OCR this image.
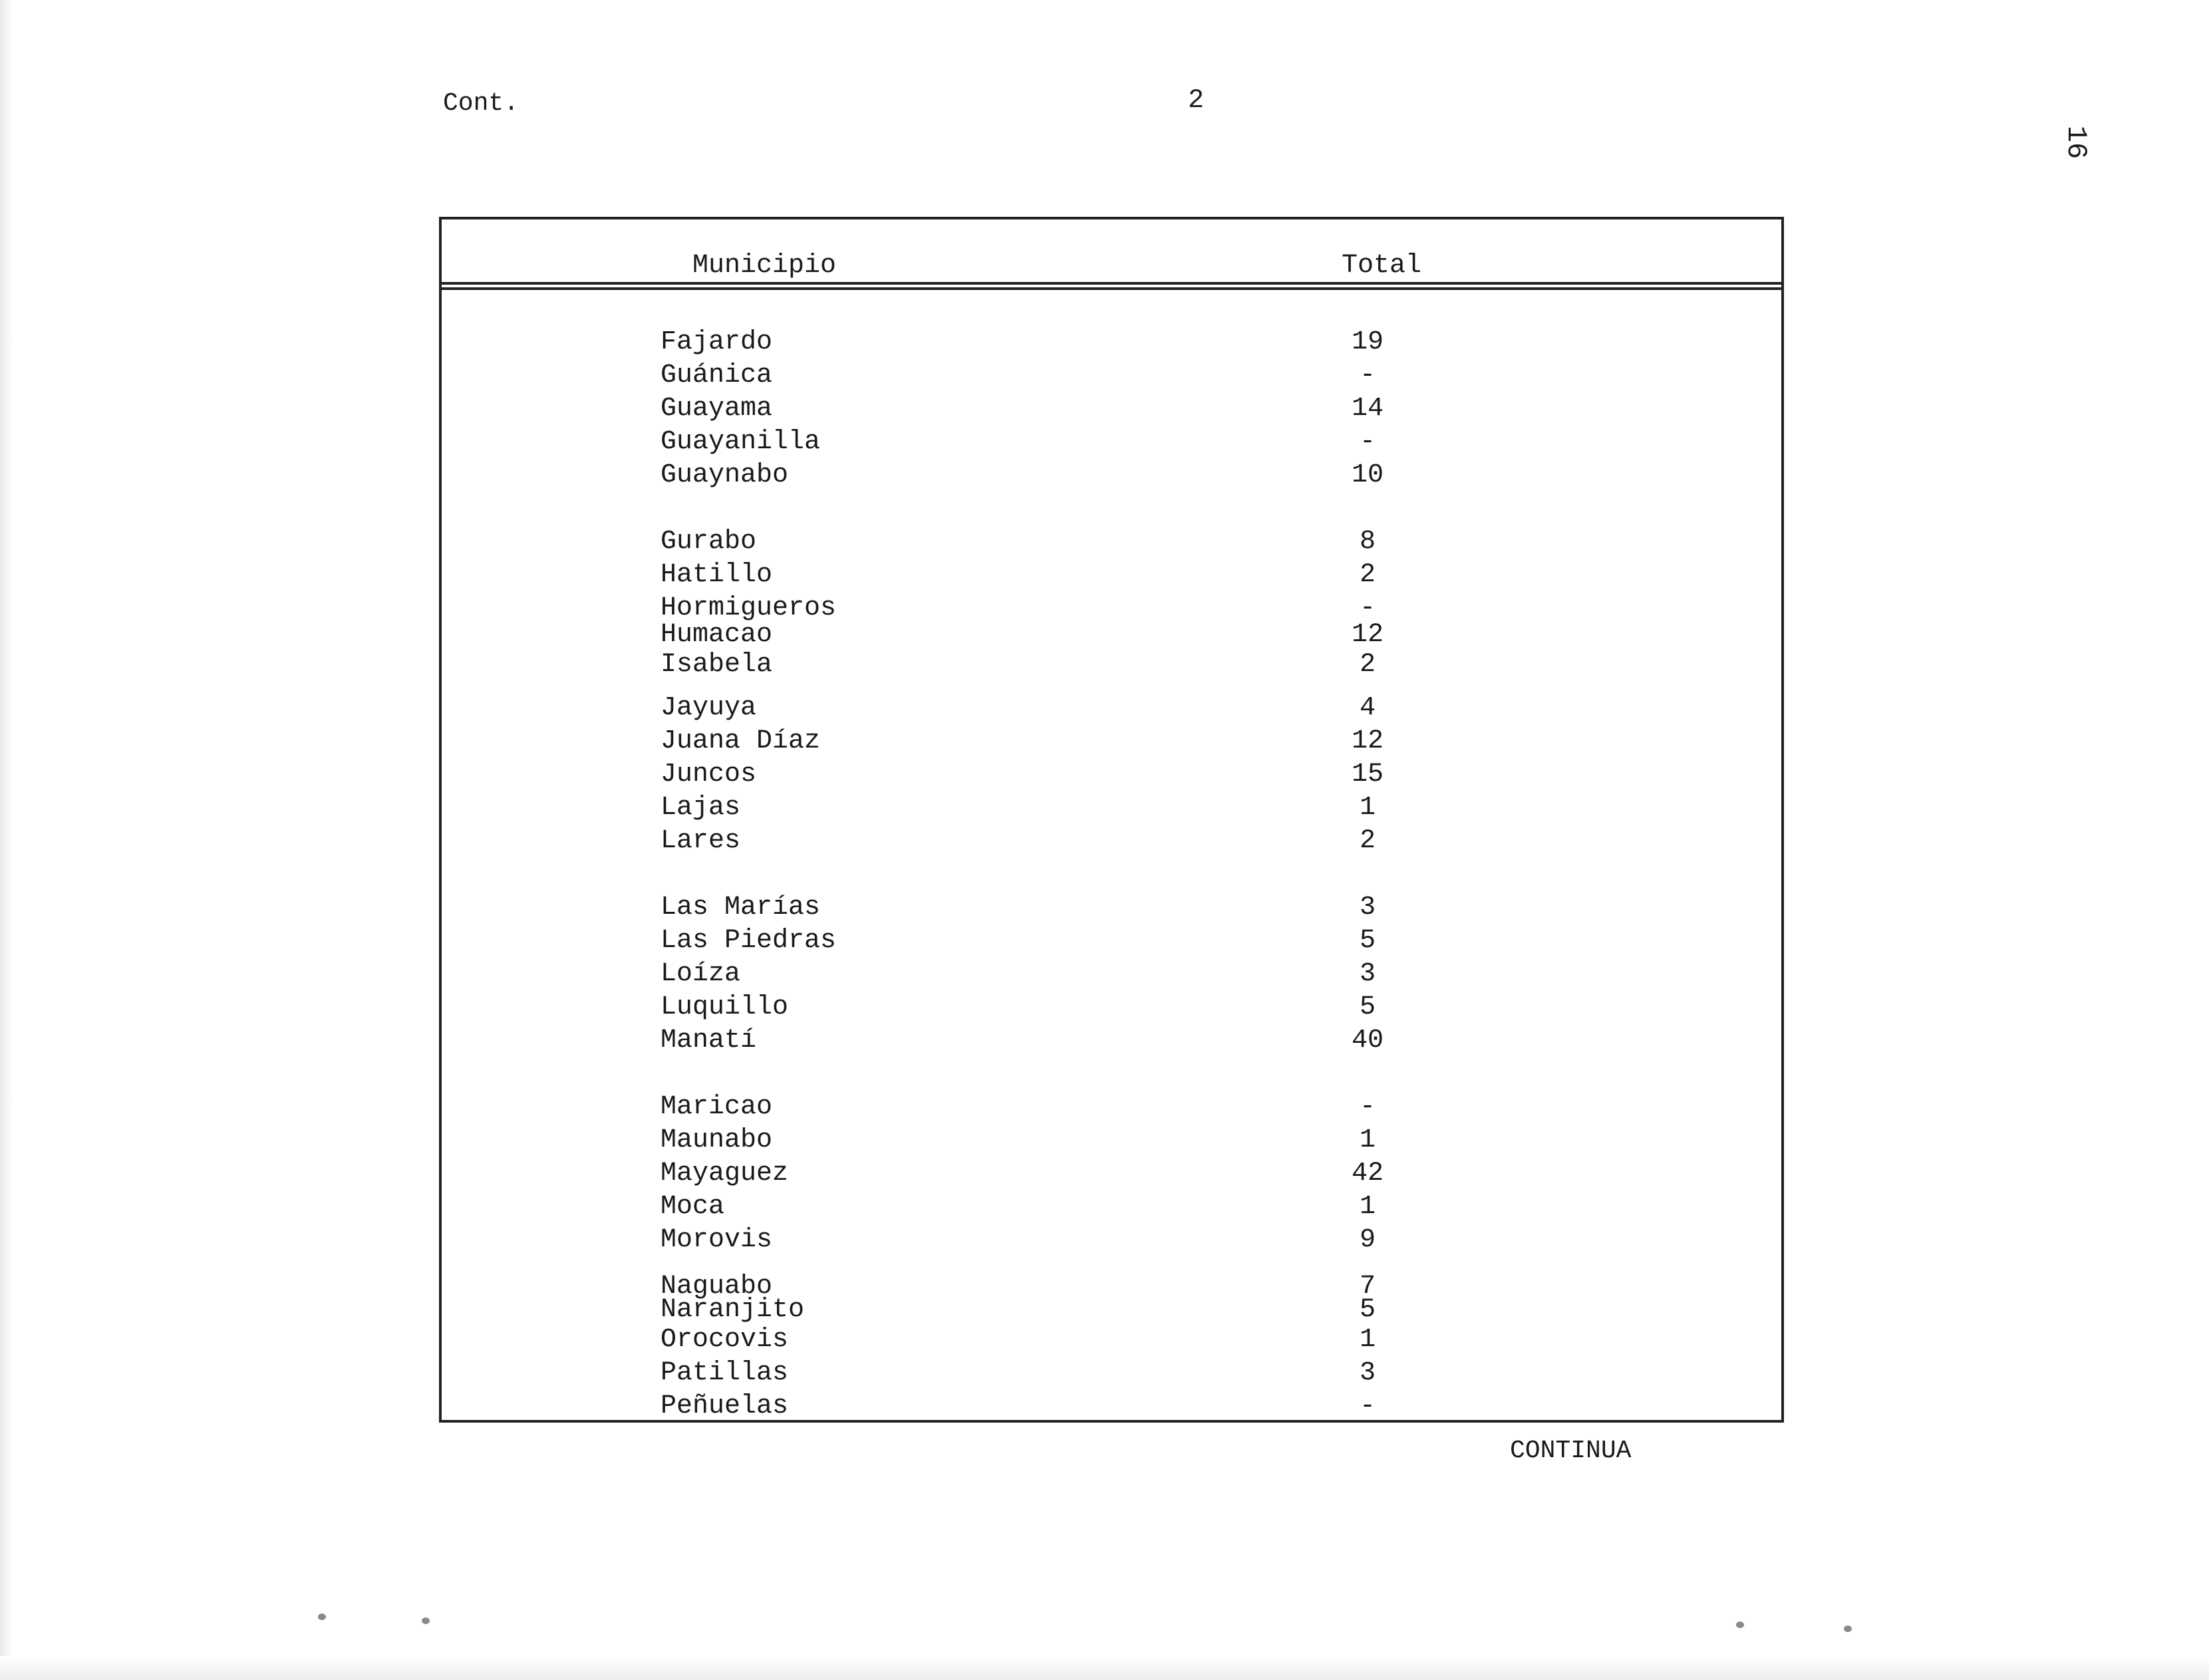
Cont.	2
16
Municipio	Total
Fajardo	19
Guánica	-
Guayama	14
Guayanilla	-
Guaynabo	10
Gurabo	8
Hatillo	2
Hormigueros	-
Humacao	12
Isabela	2
Jayuya	4
Juana Díaz	12
Juncos	15
Lajas	1
Lares	2
Las Marías	3
Las Piedras	5
Loíza	3
Luquillo	5
Manatí	40
Maricao	-
Maunabo	1
Mayaguez	42
Moca	1
Morovis	9
Naguabo	7
Naranjito	5
Orocovis	1
Patillas	3
Peñuelas	-
CONTINUA
